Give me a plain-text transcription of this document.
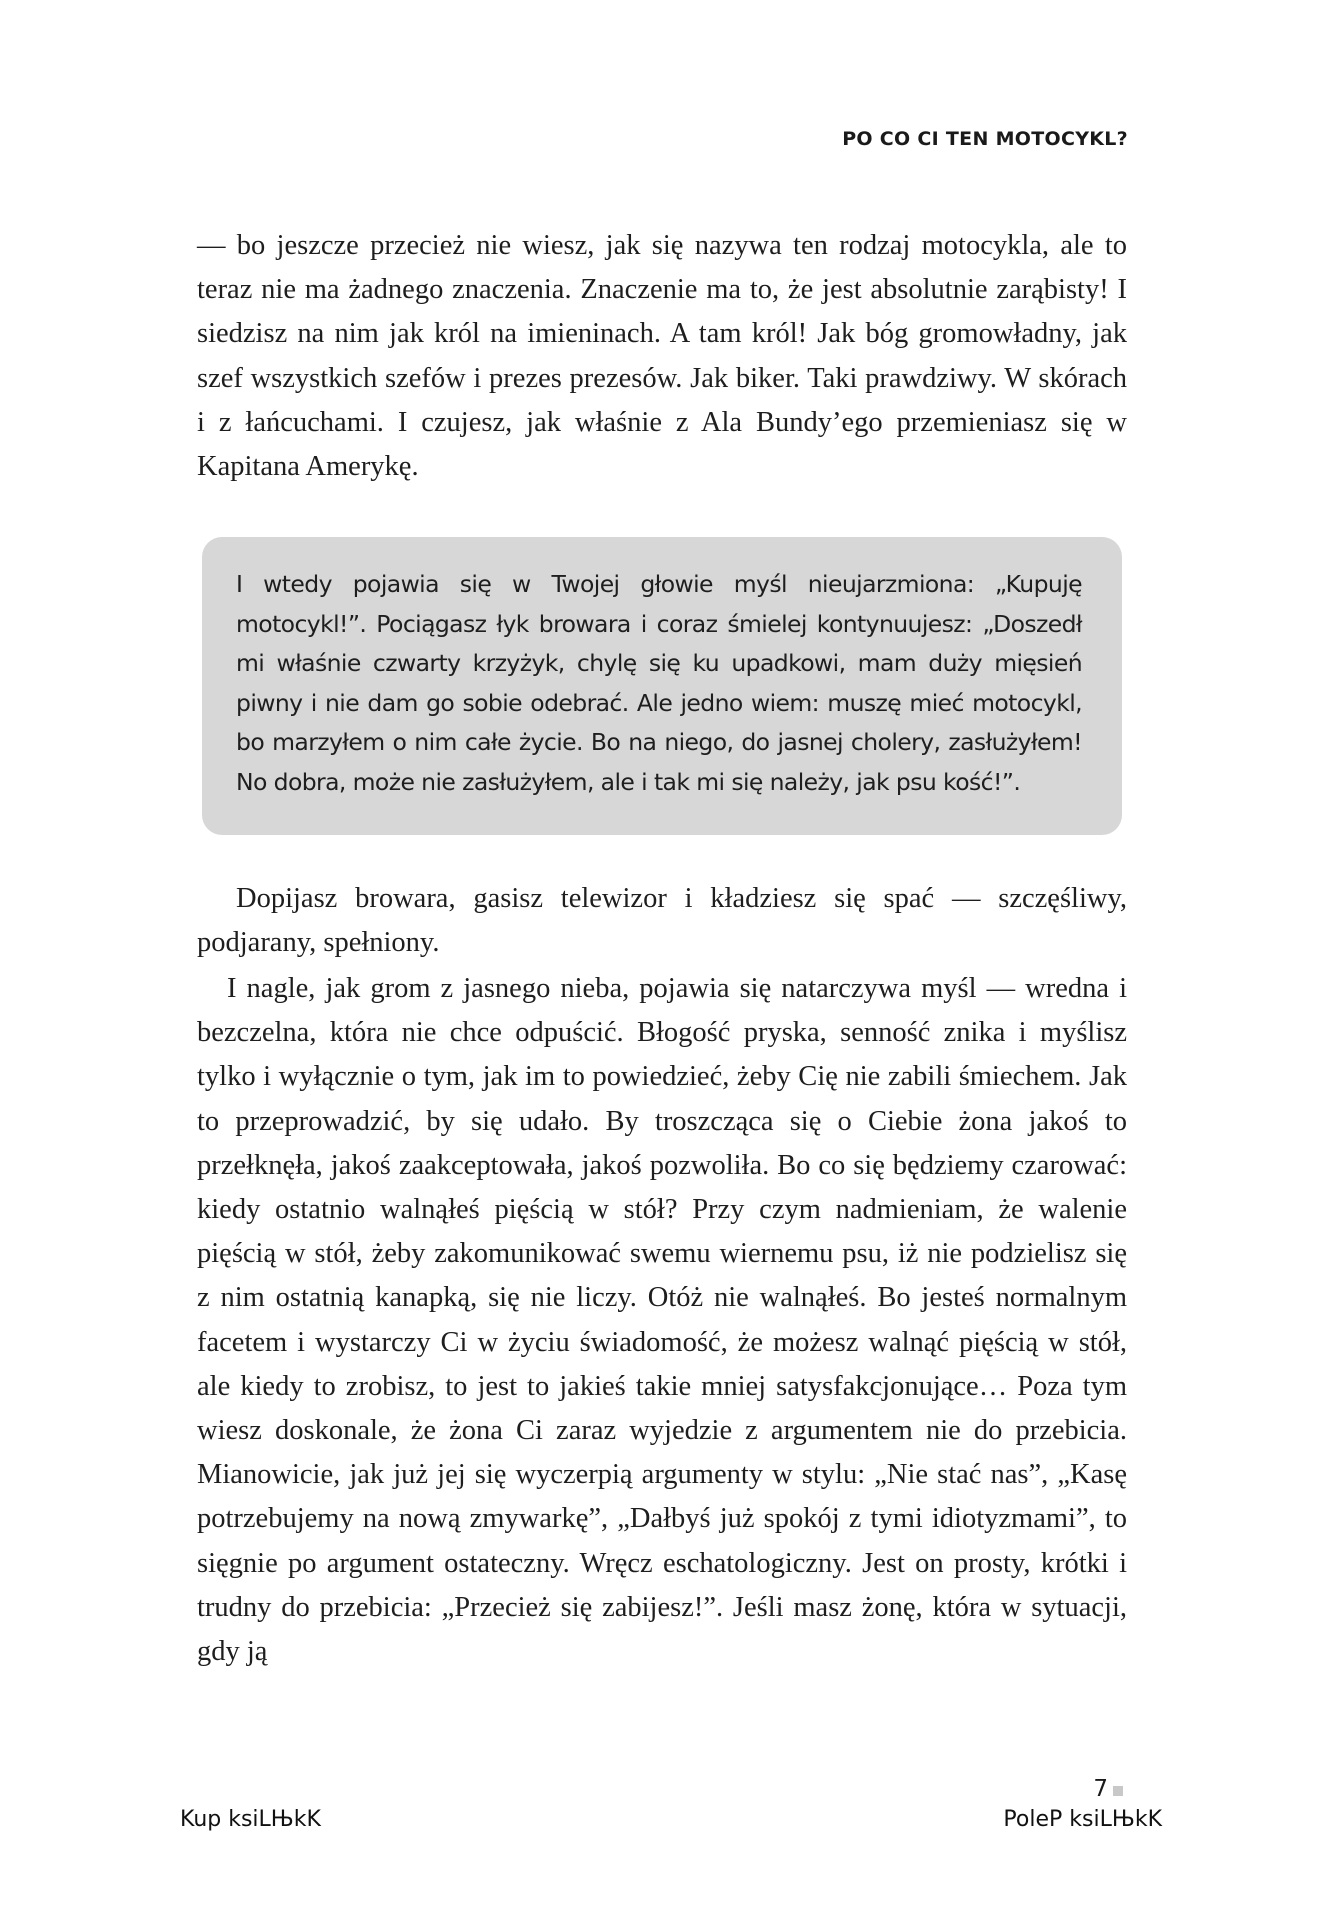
PO CO CI TEN MOTOCYKL?

— bo jeszcze przecież nie wiesz, jak się nazywa ten rodzaj motocykla, ale to teraz nie ma żadnego znaczenia. Znaczenie ma to, że jest absolutnie zarąbisty! I siedzisz na nim jak król na imieninach. A tam król! Jak bóg gromowładny, jak szef wszystkich szefów i prezes prezesów. Jak biker. Taki prawdziwy. W skórach i z łańcuchami. I czujesz, jak właśnie z Ala Bundy’ego przemieniasz się w Kapitana Amerykę.

I wtedy pojawia się w Twojej głowie myśl nieujarzmiona: „Kupuję motocykl!”. Pociągasz łyk browara i coraz śmielej kontynuujesz: „Doszedł mi właśnie czwarty krzyżyk, chylę się ku upadkowi, mam duży mięsień piwny i nie dam go sobie odebrać. Ale jedno wiem: muszę mieć motocykl, bo marzyłem o nim całe życie. Bo na niego, do jasnej cholery, zasłużyłem! No dobra, może nie zasłużyłem, ale i tak mi się należy, jak psu kość!”.

Dopijasz browara, gasisz telewizor i kładziesz się spać — szczęśliwy, podjarany, spełniony.

I nagle, jak grom z jasnego nieba, pojawia się natarczywa myśl — wredna i bezczelna, która nie chce odpuścić. Błogość pryska, senność znika i myślisz tylko i wyłącznie o tym, jak im to powiedzieć, żeby Cię nie zabili śmiechem. Jak to przeprowadzić, by się udało. By troszcząca się o Ciebie żona jakoś to przełknęła, jakoś zaakceptowała, jakoś pozwoliła. Bo co się będziemy czarować: kiedy ostatnio walnąłeś pięścią w stół? Przy czym nadmieniam, że walenie pięścią w stół, żeby zakomunikować swemu wiernemu psu, iż nie podzielisz się z nim ostatnią kanapką, się nie liczy. Otóż nie walnąłeś. Bo jesteś normalnym facetem i wystarczy Ci w życiu świadomość, że możesz walnąć pięścią w stół, ale kiedy to zrobisz, to jest to jakieś takie mniej satysfakcjonujące… Poza tym wiesz doskonale, że żona Ci zaraz wyjedzie z argumentem nie do przebicia. Mianowicie, jak już jej się wyczerpią argumenty w stylu: „Nie stać nas”, „Kasę potrzebujemy na nową zmywarkę”, „Dałbyś już spokój z tymi idiotyzmami”, to sięgnie po argument ostateczny. Wręcz eschatologiczny. Jest on prosty, krótki i trudny do przebicia: „Przecież się zabijesz!”. Jeśli masz żonę, która w sytuacji, gdy ją

7
Kup ksiLЊkK	PoleP ksiLЊkK
